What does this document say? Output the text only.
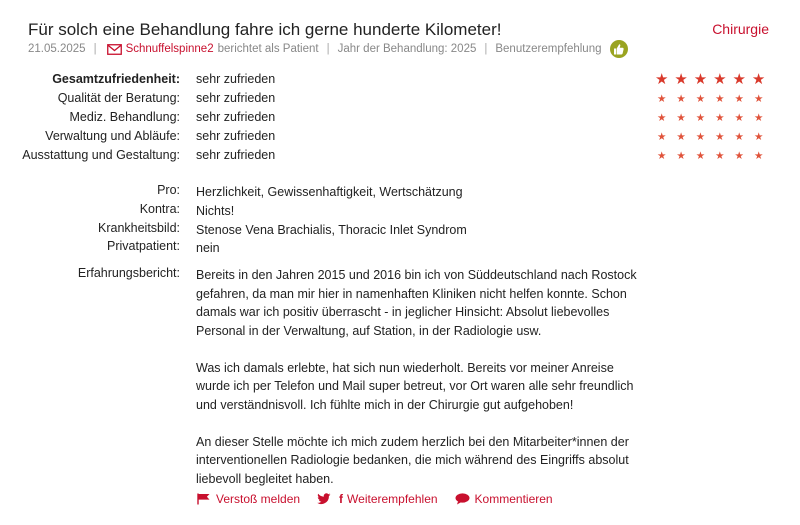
Für solch eine Behandlung fahre ich gerne hunderte Kilometer!	Chirurgie
21.05.2025 |	Schnuffelspinne2 berichtet als Patient | Jahr der Behandlung: 2025 | Benutzerempfehlung
Gesamtzufriedenheit: sehr zufrieden	★ ★ ★ ★ ★ ★
Qualität der Beratung: sehr zufrieden	★ ★ ★ ★ ★ ★
Mediz. Behandlung: sehr zufrieden	★ ★ ★ ★ ★ ★
Verwaltung und Abläufe: sehr zufrieden	★ ★ ★ ★ ★ ★
Ausstattung und Gestaltung: sehr zufrieden	★ ★ ★ ★ ★ ★
Pro: Herzlichkeit, Gewissenhaftigkeit, Wertschätzung
Kontra: Nichts!
Krankheitsbild: Stenose Vena Brachialis, Thoracic Inlet Syndrom
Privatpatient: nein
Erfahrungsbericht: Bereits in den Jahren 2015 und 2016 bin ich von Süddeutschland nach Rostock gefahren, da man mir hier in namenhaften Kliniken nicht helfen konnte. Schon damals war ich positiv überrascht - in jeglicher Hinsicht: Absolut liebevolles Personal in der Verwaltung, auf Station, in der Radiologie usw.

Was ich damals erlebte, hat sich nun wiederholt. Bereits vor meiner Anreise wurde ich per Telefon und Mail super betreut, vor Ort waren alle sehr freundlich und verständnisvoll. Ich fühlte mich in der Chirurgie gut aufgehoben!

An dieser Stelle möchte ich mich zudem herzlich bei den Mitarbeiter*innen der interventionellen Radiologie bedanken, die mich während des Eingriffs absolut liebevoll begleitet haben.

Verstoß melden	f Weiterempfehlen	Kommentieren
